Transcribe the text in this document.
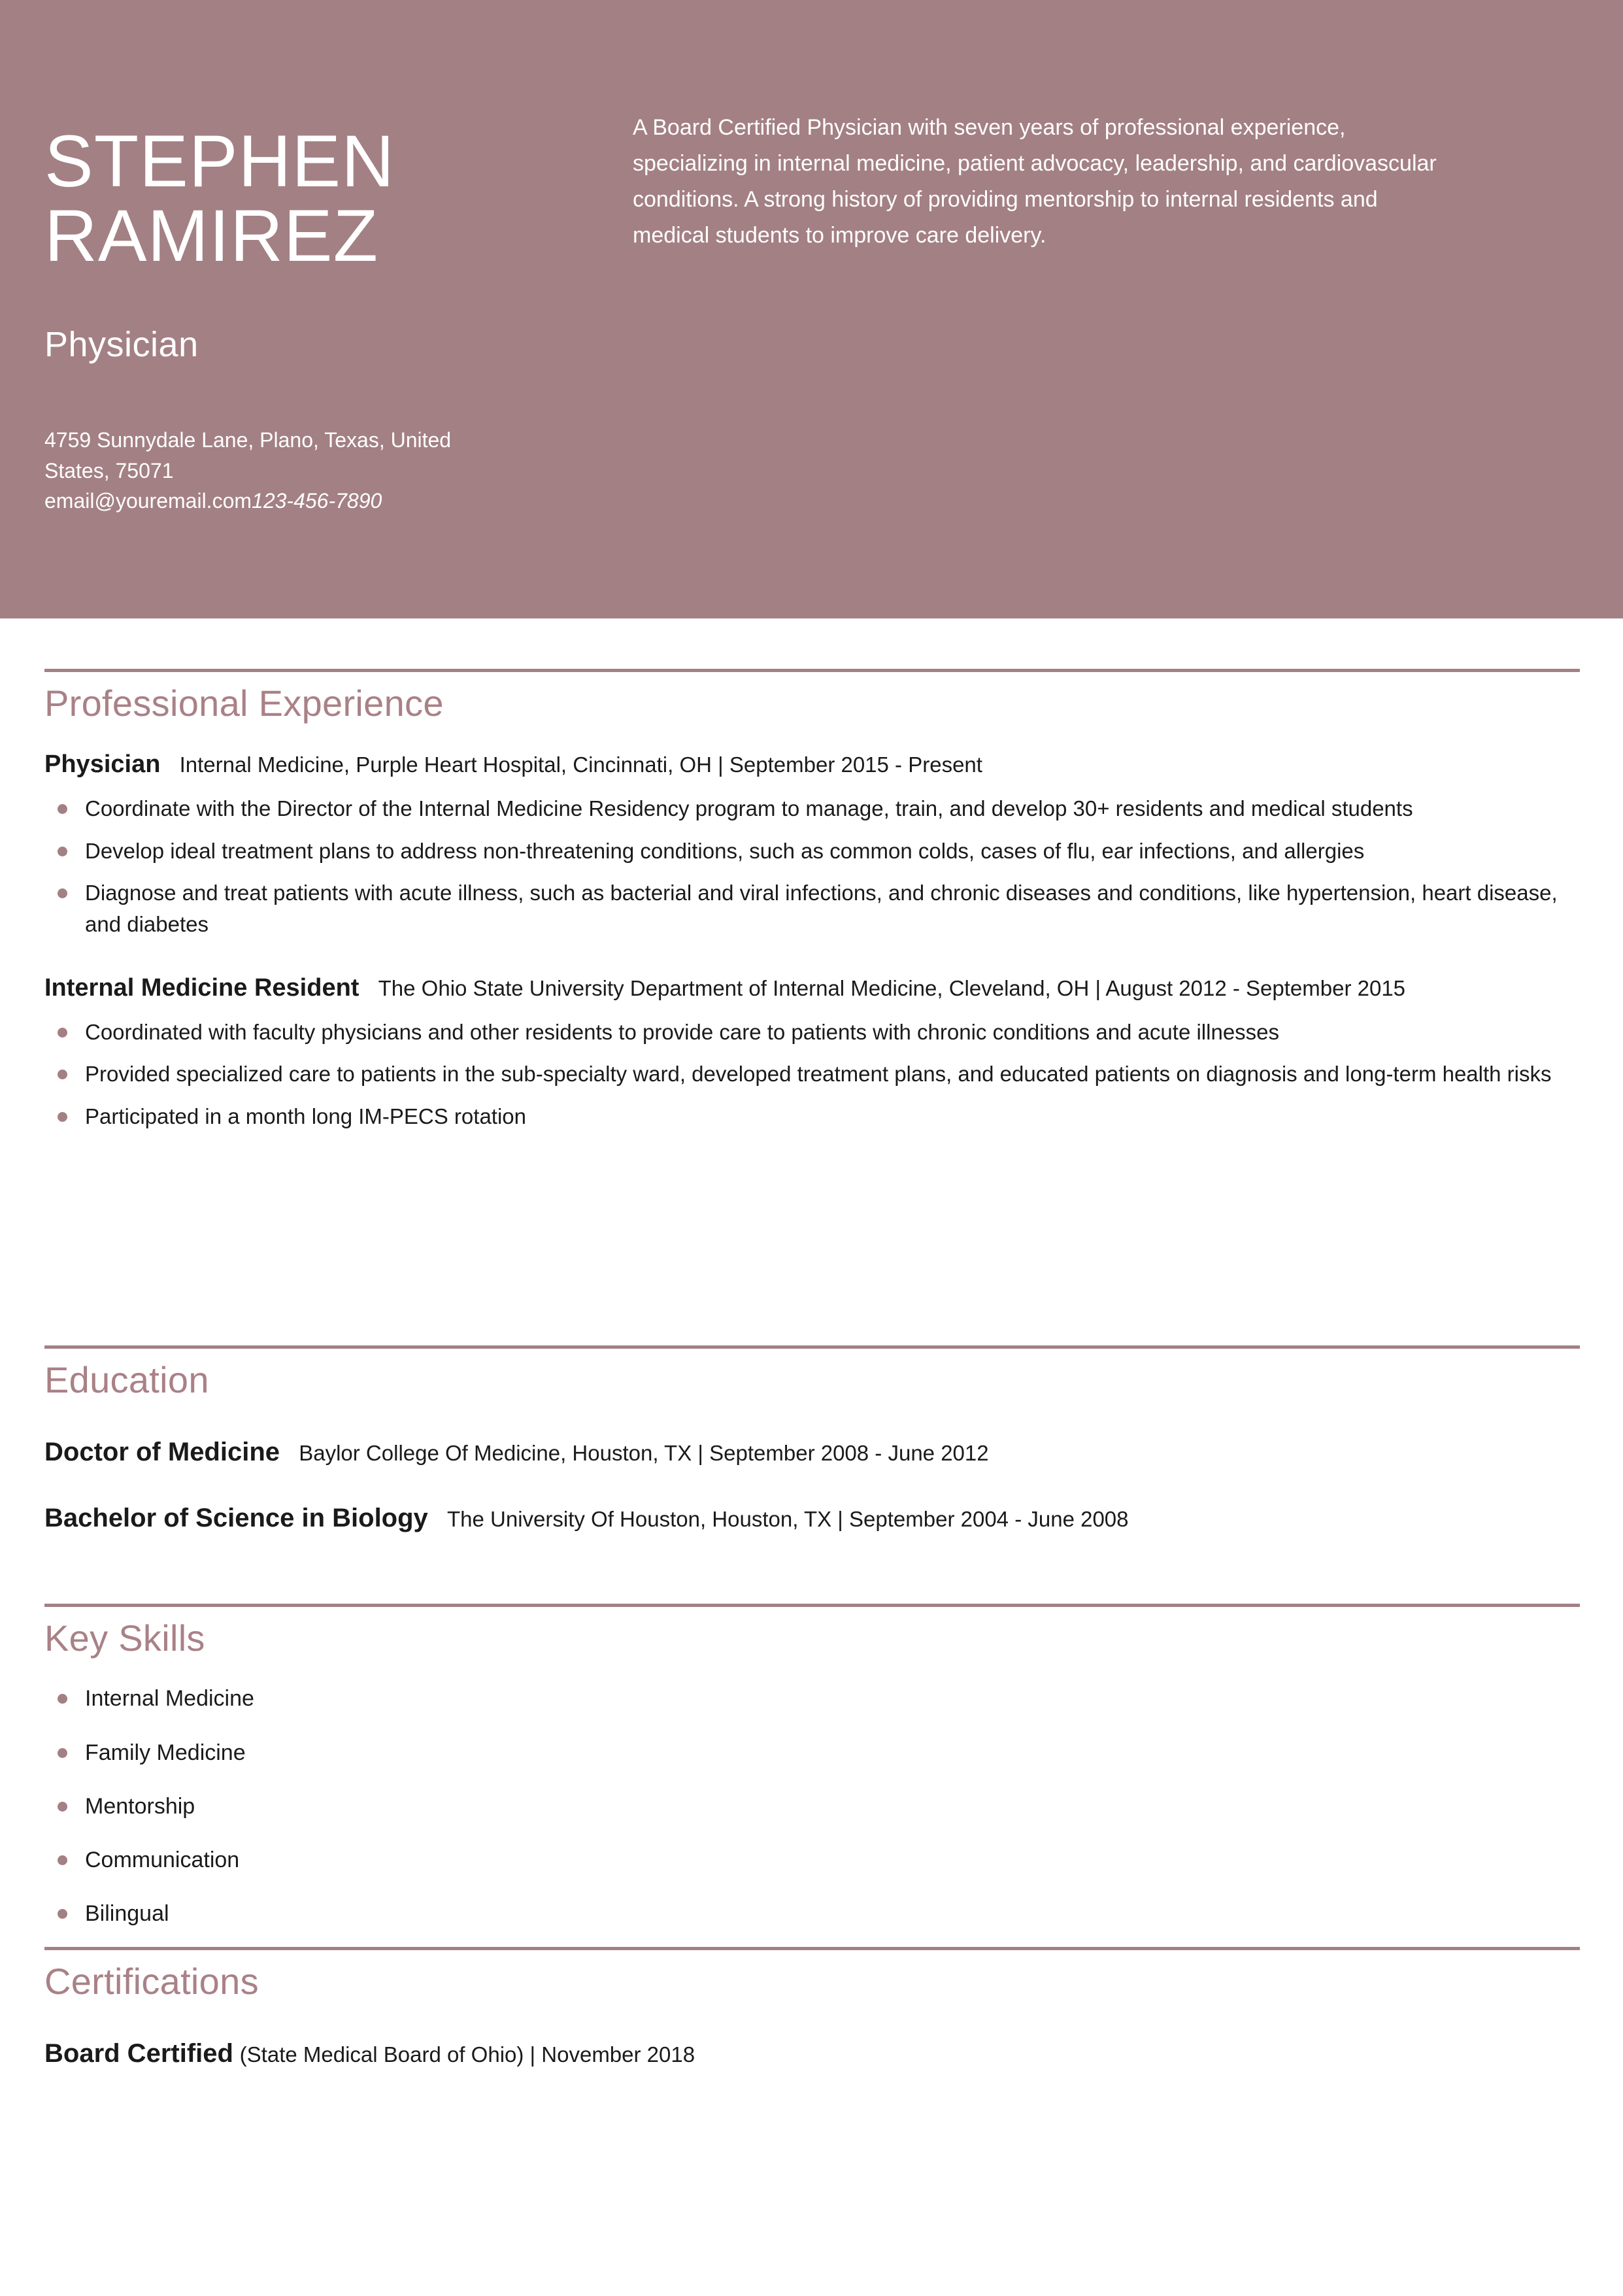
STEPHEN
RAMIREZ
Physician
4759 Sunnydale Lane, Plano, Texas, United
States, 75071
email@youremail.com123-456-7890
A Board Certified Physician with seven years of professional experience,
specializing in internal medicine, patient advocacy, leadership, and cardiovascular
conditions. A strong history of providing mentorship to internal residents and
medical students to improve care delivery.
Professional Experience
Physician Internal Medicine, Purple Heart Hospital, Cincinnati, OH | September 2015 - Present
Coordinate with the Director of the Internal Medicine Residency program to manage, train, and develop 30+ residents and medical students
Develop ideal treatment plans to address non-threatening conditions, such as common colds, cases of flu, ear infections, and allergies
Diagnose and treat patients with acute illness, such as bacterial and viral infections, and chronic diseases and conditions, like hypertension, heart disease, and diabetes
Internal Medicine Resident The Ohio State University Department of Internal Medicine, Cleveland, OH | August 2012 - September 2015
Coordinated with faculty physicians and other residents to provide care to patients with chronic conditions and acute illnesses
Provided specialized care to patients in the sub-specialty ward, developed treatment plans, and educated patients on diagnosis and long-term health risks
Participated in a month long IM-PECS rotation
Education
Doctor of Medicine Baylor College Of Medicine, Houston, TX | September 2008 - June 2012
Bachelor of Science in Biology The University Of Houston, Houston, TX | September 2004 - June 2008
Key Skills
Internal Medicine
Family Medicine
Mentorship
Communication
Bilingual
Certifications
Board Certified (State Medical Board of Ohio) | November 2018
